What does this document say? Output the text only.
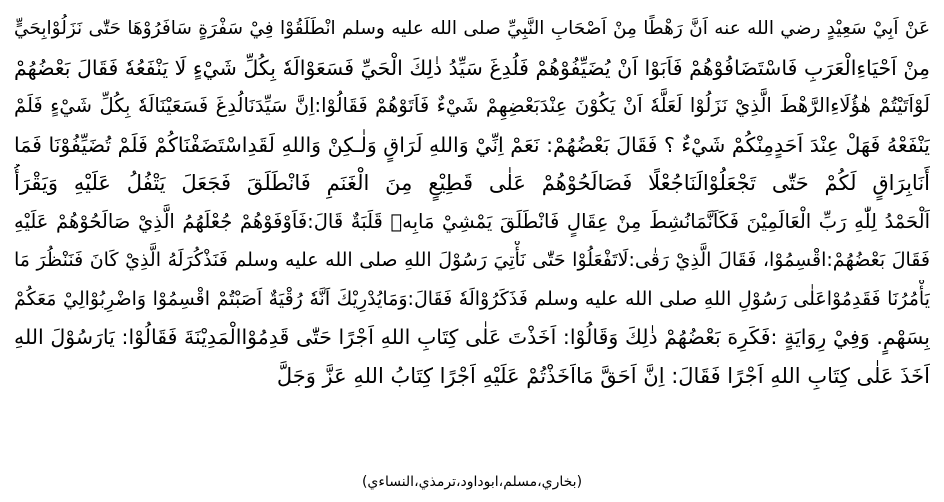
عَنْ اَبِيْ سَعِيْدٍ رضي الله عنه اَنَّ رَهْطًا مِنْ اَصْحَابِ النَّبِيِّ صلى الله عليه وسلم انْطَلَقُوْا فِيْ سَفْرَةٍ سَافَرُوْهَا حَتّٰى نَزَلُوْابِحَيٍّ
مِنْ اَحْيَاءِالْعَرَبِ فَاسْتَضَافُوْهُمْ فَاَبَوْا اَنْ يُضَيِّفُوْهُمْ فَلُدِغَ سَيِّدُ ذٰلِكَ الْحَيِّ فَسَعَوْالَهٗ بِكُلِّ شَيْءٍ لَا يَنْفَعُهٗ فَقَالَ بَعْضُهُمْ
لَوْاَتَيْتُمْ هٰؤُلَاءِالرَّهْطَ الَّذِيْ نَزَلُوْا لَعَلَّهٗ اَنْ يَكُوْنَ عِنْدَبَعْضِهِمْ شَيْءٌ فَاَتَوْهُمْ فَقَالُوْا:اِنَّ سَيِّدَنَالُدِغَ فَسَعَيْنَالَهٗ بِكُلِّ شَيْءٍ فَلَمْ
يَنْفَعْهُ فَهَلْ عِنْدَ اَحَدٍمِنْكُمْ شَيْءٌ ؟ فَقَالَ بَعْضُهُمْ: نَعَمْ اِنِّيْ وَاللهِ لَرَاقٍ وَلٰـكِنْ وَاللهِ لَقَدِاسْتَضَفْنَاكُمْ فَلَمْ تُضَيِّفُوْنَا فَمَا
أَنَابِرَاقٍ لَكُمْ حَتّٰى تَجْعَلُوْالَنَاجُعْلًا فَصَالَحُوْهُمْ عَلٰى قَطِيْعٍ مِنَ الْغَنَمِ فَانْطَلَقَ فَجَعَلَ يَتْفُلُ عَلَيْهِ وَيَقْرَأُ
اَلْحَمْدُ لِلّٰهِ رَبِّ الْعَالَمِيْنَ فَكَاَنَّمَانُشِطَ مِنْ عِقَالٍ فَانْطَلَقَ يَمْشِيْ مَابِهٖ قَلَبَةٌ قَالَ:فَاَوْفَوْهُمْ جُعْلَهُمُ الَّذِيْ صَالَحُوْهُمْ عَلَيْهِ
فَقَالَ بَعْضُهُمْ:اقْسِمُوْا، فَقَالَ الَّذِيْ رَقٰى:لَاتَفْعَلُوْا حَتّٰى نَأْتِيَ رَسُوْلَ اللهِ صلى الله عليه وسلم فَنَذْكُرَلَهُ الَّذِيْ كَانَ فَنَنْظُرَ مَا
يَأْمُرُنَا فَقَدِمُوْاعَلٰى رَسُوْلِ اللهِ صلى الله عليه وسلم فَذَكَرُوْالَهٗ فَقَالَ:وَمَايُدْرِيْكَ اَنَّهٗ رُقْيَةٌ اَصَبْتُمْ اقْسِمُوْا وَاضْرِبُوْالِيْ مَعَكُمْ
بِسَهْمٍ. وَفِيْ رِوَايَةٍ :فَكَرِهَ بَعْضُهُمْ ذٰلِكَ وَقَالُوْا: اَخَذْتَ عَلٰى كِتَابِ اللهِ اَجْرًا حَتّٰى قَدِمُوْاالْمَدِيْنَةَ فَقَالُوْا: يَارَسُوْلَ اللهِ
اَخَذَ عَلٰى كِتَابِ اللهِ اَجْرًا فَقَالَ: اِنَّ اَحَقَّ مَااَخَذْتُمْ عَلَيْهِ اَجْرًا كِتَابُ اللهِ عَزَّ وَجَلَّ
(بخاري،مسلم،ابوداود،ترمذي،النساءي)
